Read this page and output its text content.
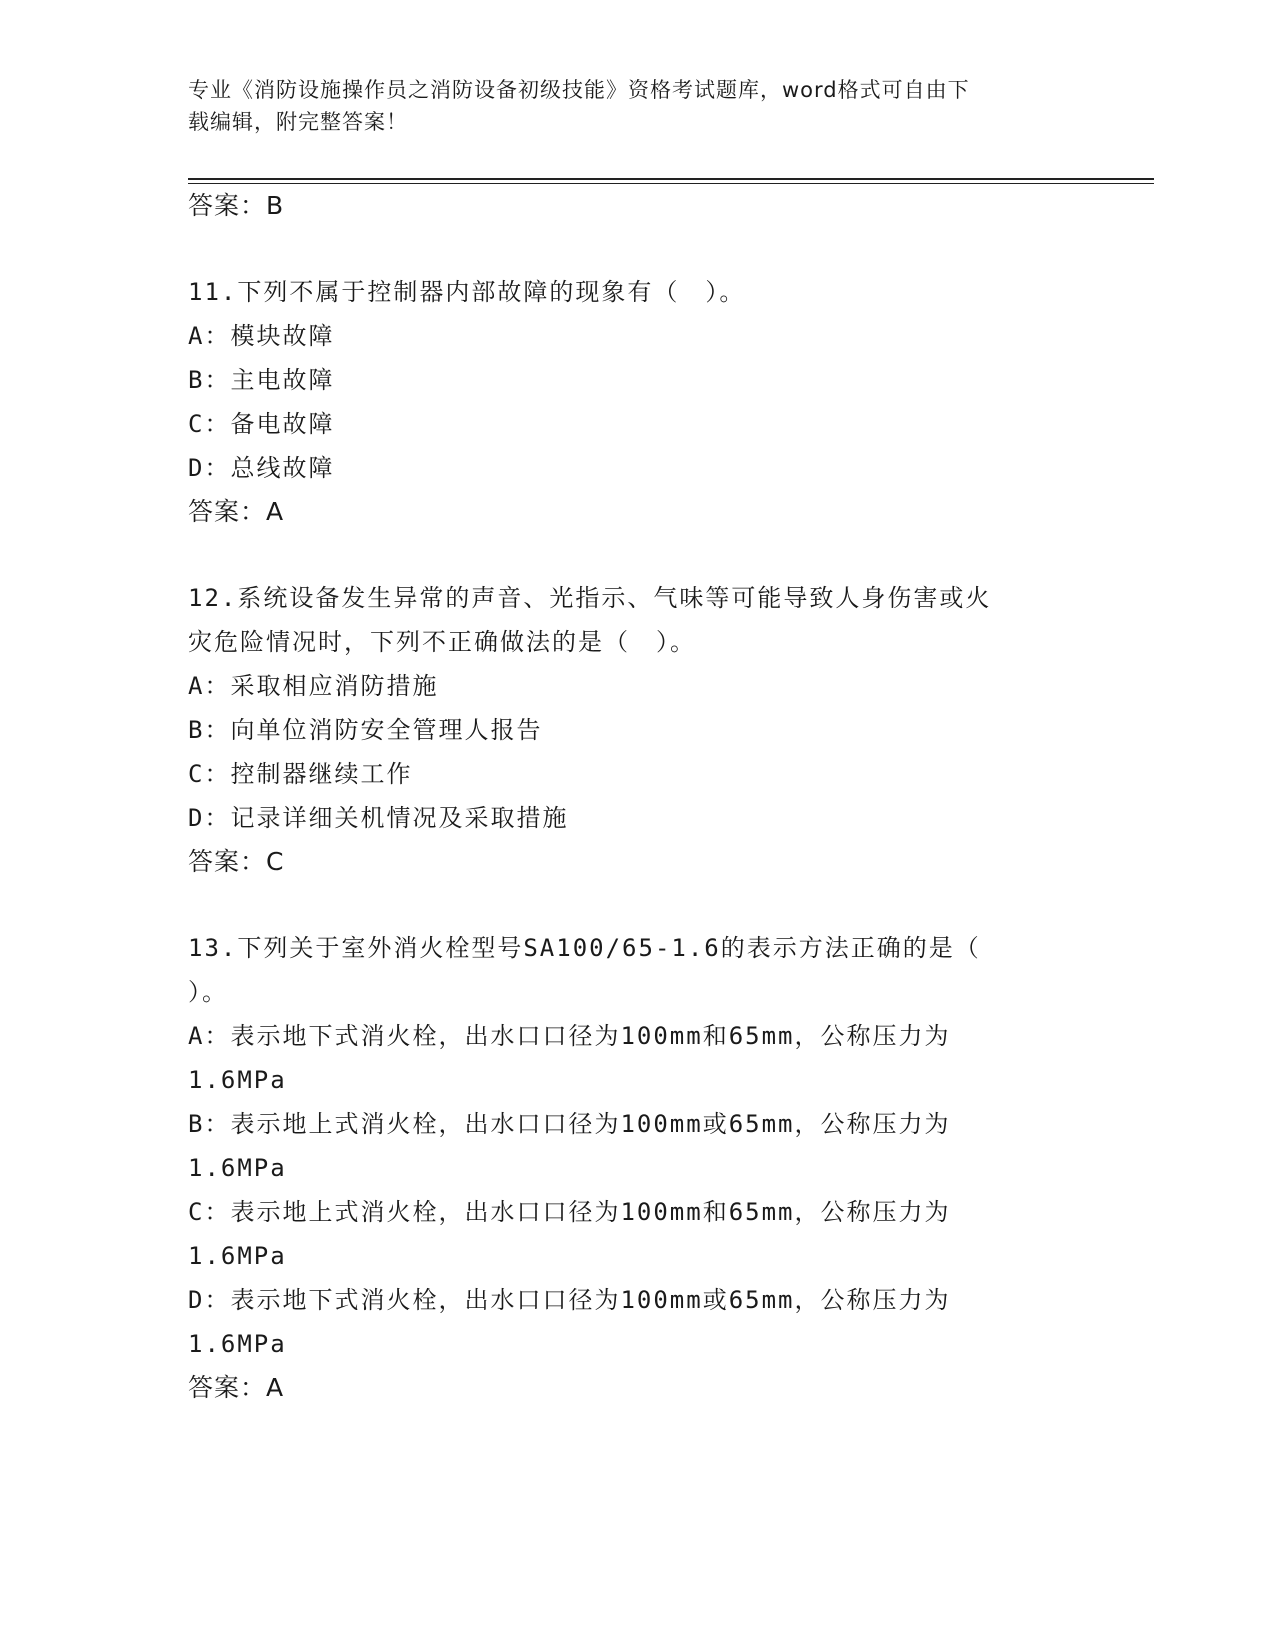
专业《消防设施操作员之消防设备初级技能》资格考试题库，word格式可自由下
载编辑，附完整答案！
答案：B
11.下列不属于控制器内部故障的现象有（　）。
A：模块故障
B：主电故障
C：备电故障
D：总线故障
答案：A
12.系统设备发生异常的声音、光指示、气味等可能导致人身伤害或火
灾危险情况时，下列不正确做法的是（　）。
A：采取相应消防措施
B：向单位消防安全管理人报告
C：控制器继续工作
D：记录详细关机情况及采取措施
答案：C
13.下列关于室外消火栓型号SA100/65-1.6的表示方法正确的是（
）。
A：表示地下式消火栓，出水口口径为100mm和65mm，公称压力为
1.6MPa
B：表示地上式消火栓，出水口口径为100mm或65mm，公称压力为
1.6MPa
C：表示地上式消火栓，出水口口径为100mm和65mm，公称压力为
1.6MPa
D：表示地下式消火栓，出水口口径为100mm或65mm，公称压力为
1.6MPa
答案：A
